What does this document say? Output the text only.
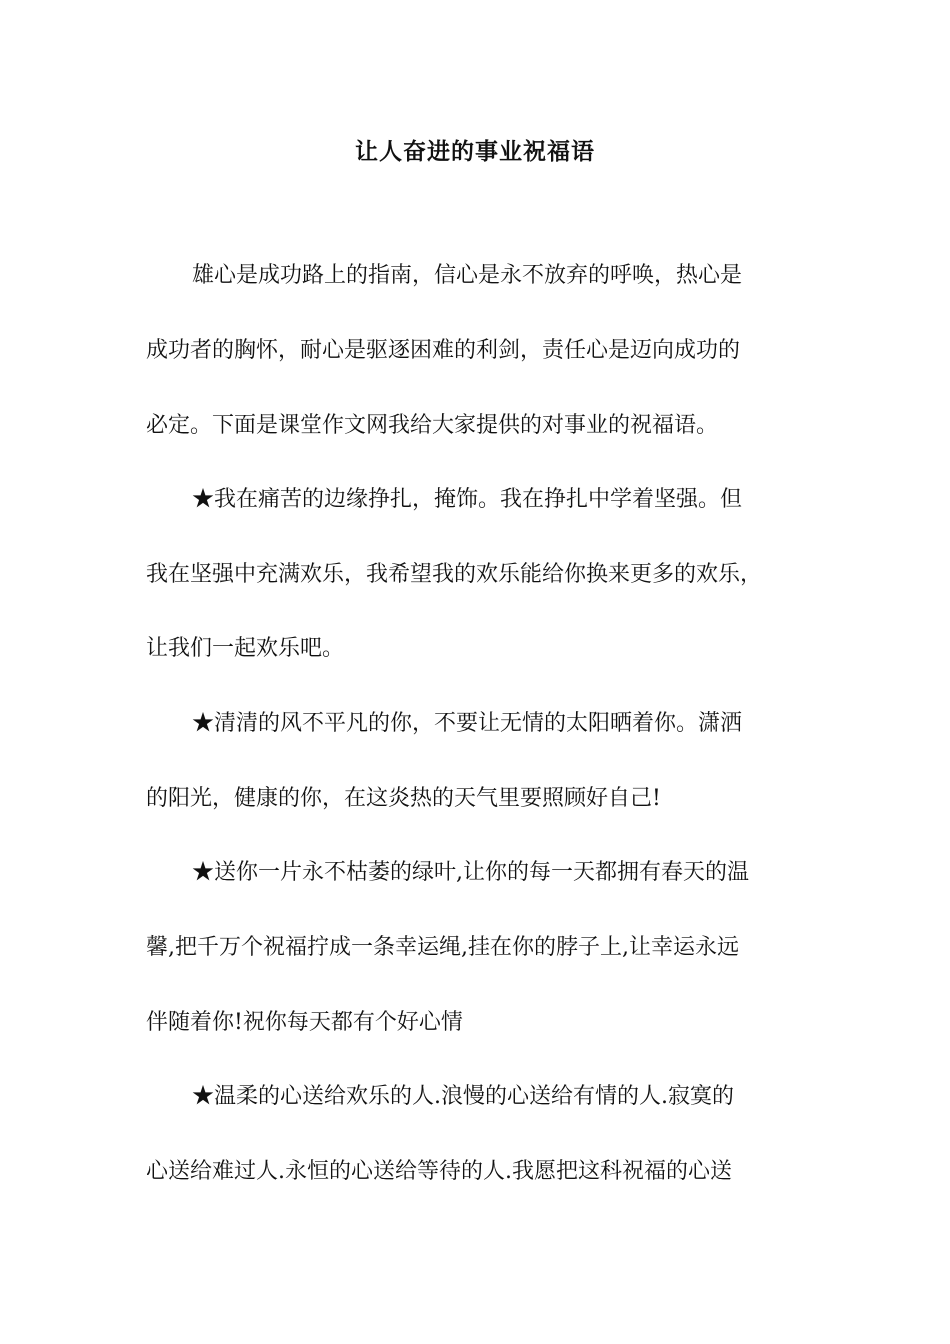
让人奋进的事业祝福语
雄心是成功路上的指南，信心是永不放弃的呼唤，热心是
成功者的胸怀，耐心是驱逐困难的利剑，责任心是迈向成功的
必定。下面是课堂作文网我给大家提供的对事业的祝福语。
★我在痛苦的边缘挣扎，掩饰。我在挣扎中学着坚强。但
我在坚强中充满欢乐，我希望我的欢乐能给你换来更多的欢乐，
让我们一起欢乐吧。
★清清的风不平凡的你，不要让无情的太阳晒着你。潇洒
的阳光，健康的你，在这炎热的天气里要照顾好自己!
★送你一片永不枯萎的绿叶,让你的每一天都拥有春天的温
馨,把千万个祝福拧成一条幸运绳,挂在你的脖子上,让幸运永远
伴随着你!祝你每天都有个好心情
★温柔的心送给欢乐的人.浪慢的心送给有情的人.寂寞的
心送给难过人.永恒的心送给等待的人.我愿把这科祝福的心送
